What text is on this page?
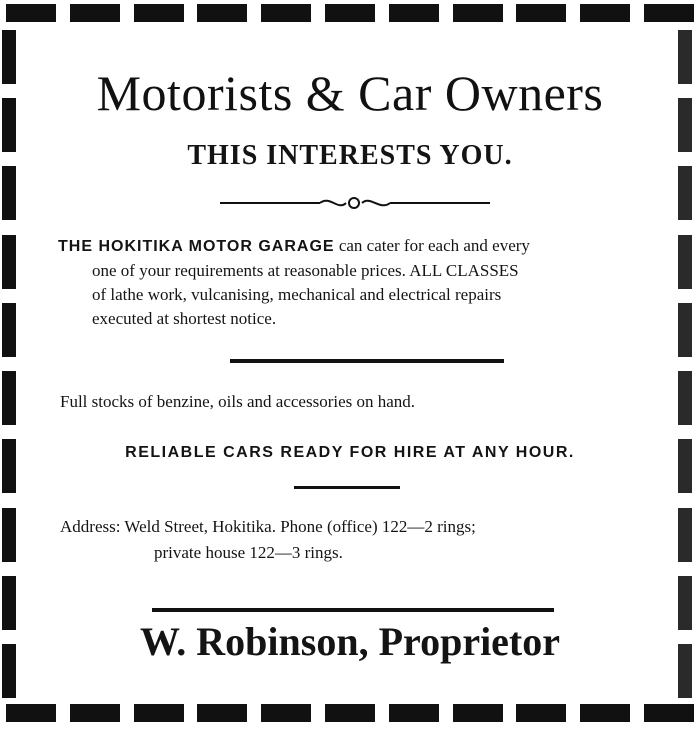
Motorists & Car Owners
THIS INTERESTS YOU.
THE HOKITIKA MOTOR GARAGE can cater for each and every
one of your requirements at reasonable prices. ALL CLASSES
of lathe work, vulcanising, mechanical and electrical repairs
executed at shortest notice.
Full stocks of benzine, oils and accessories on hand.
RELIABLE CARS READY FOR HIRE AT ANY HOUR.
Address: Weld Street, Hokitika. Phone (office) 122—2 rings;
private house 122—3 rings.
W. Robinson, Proprietor
